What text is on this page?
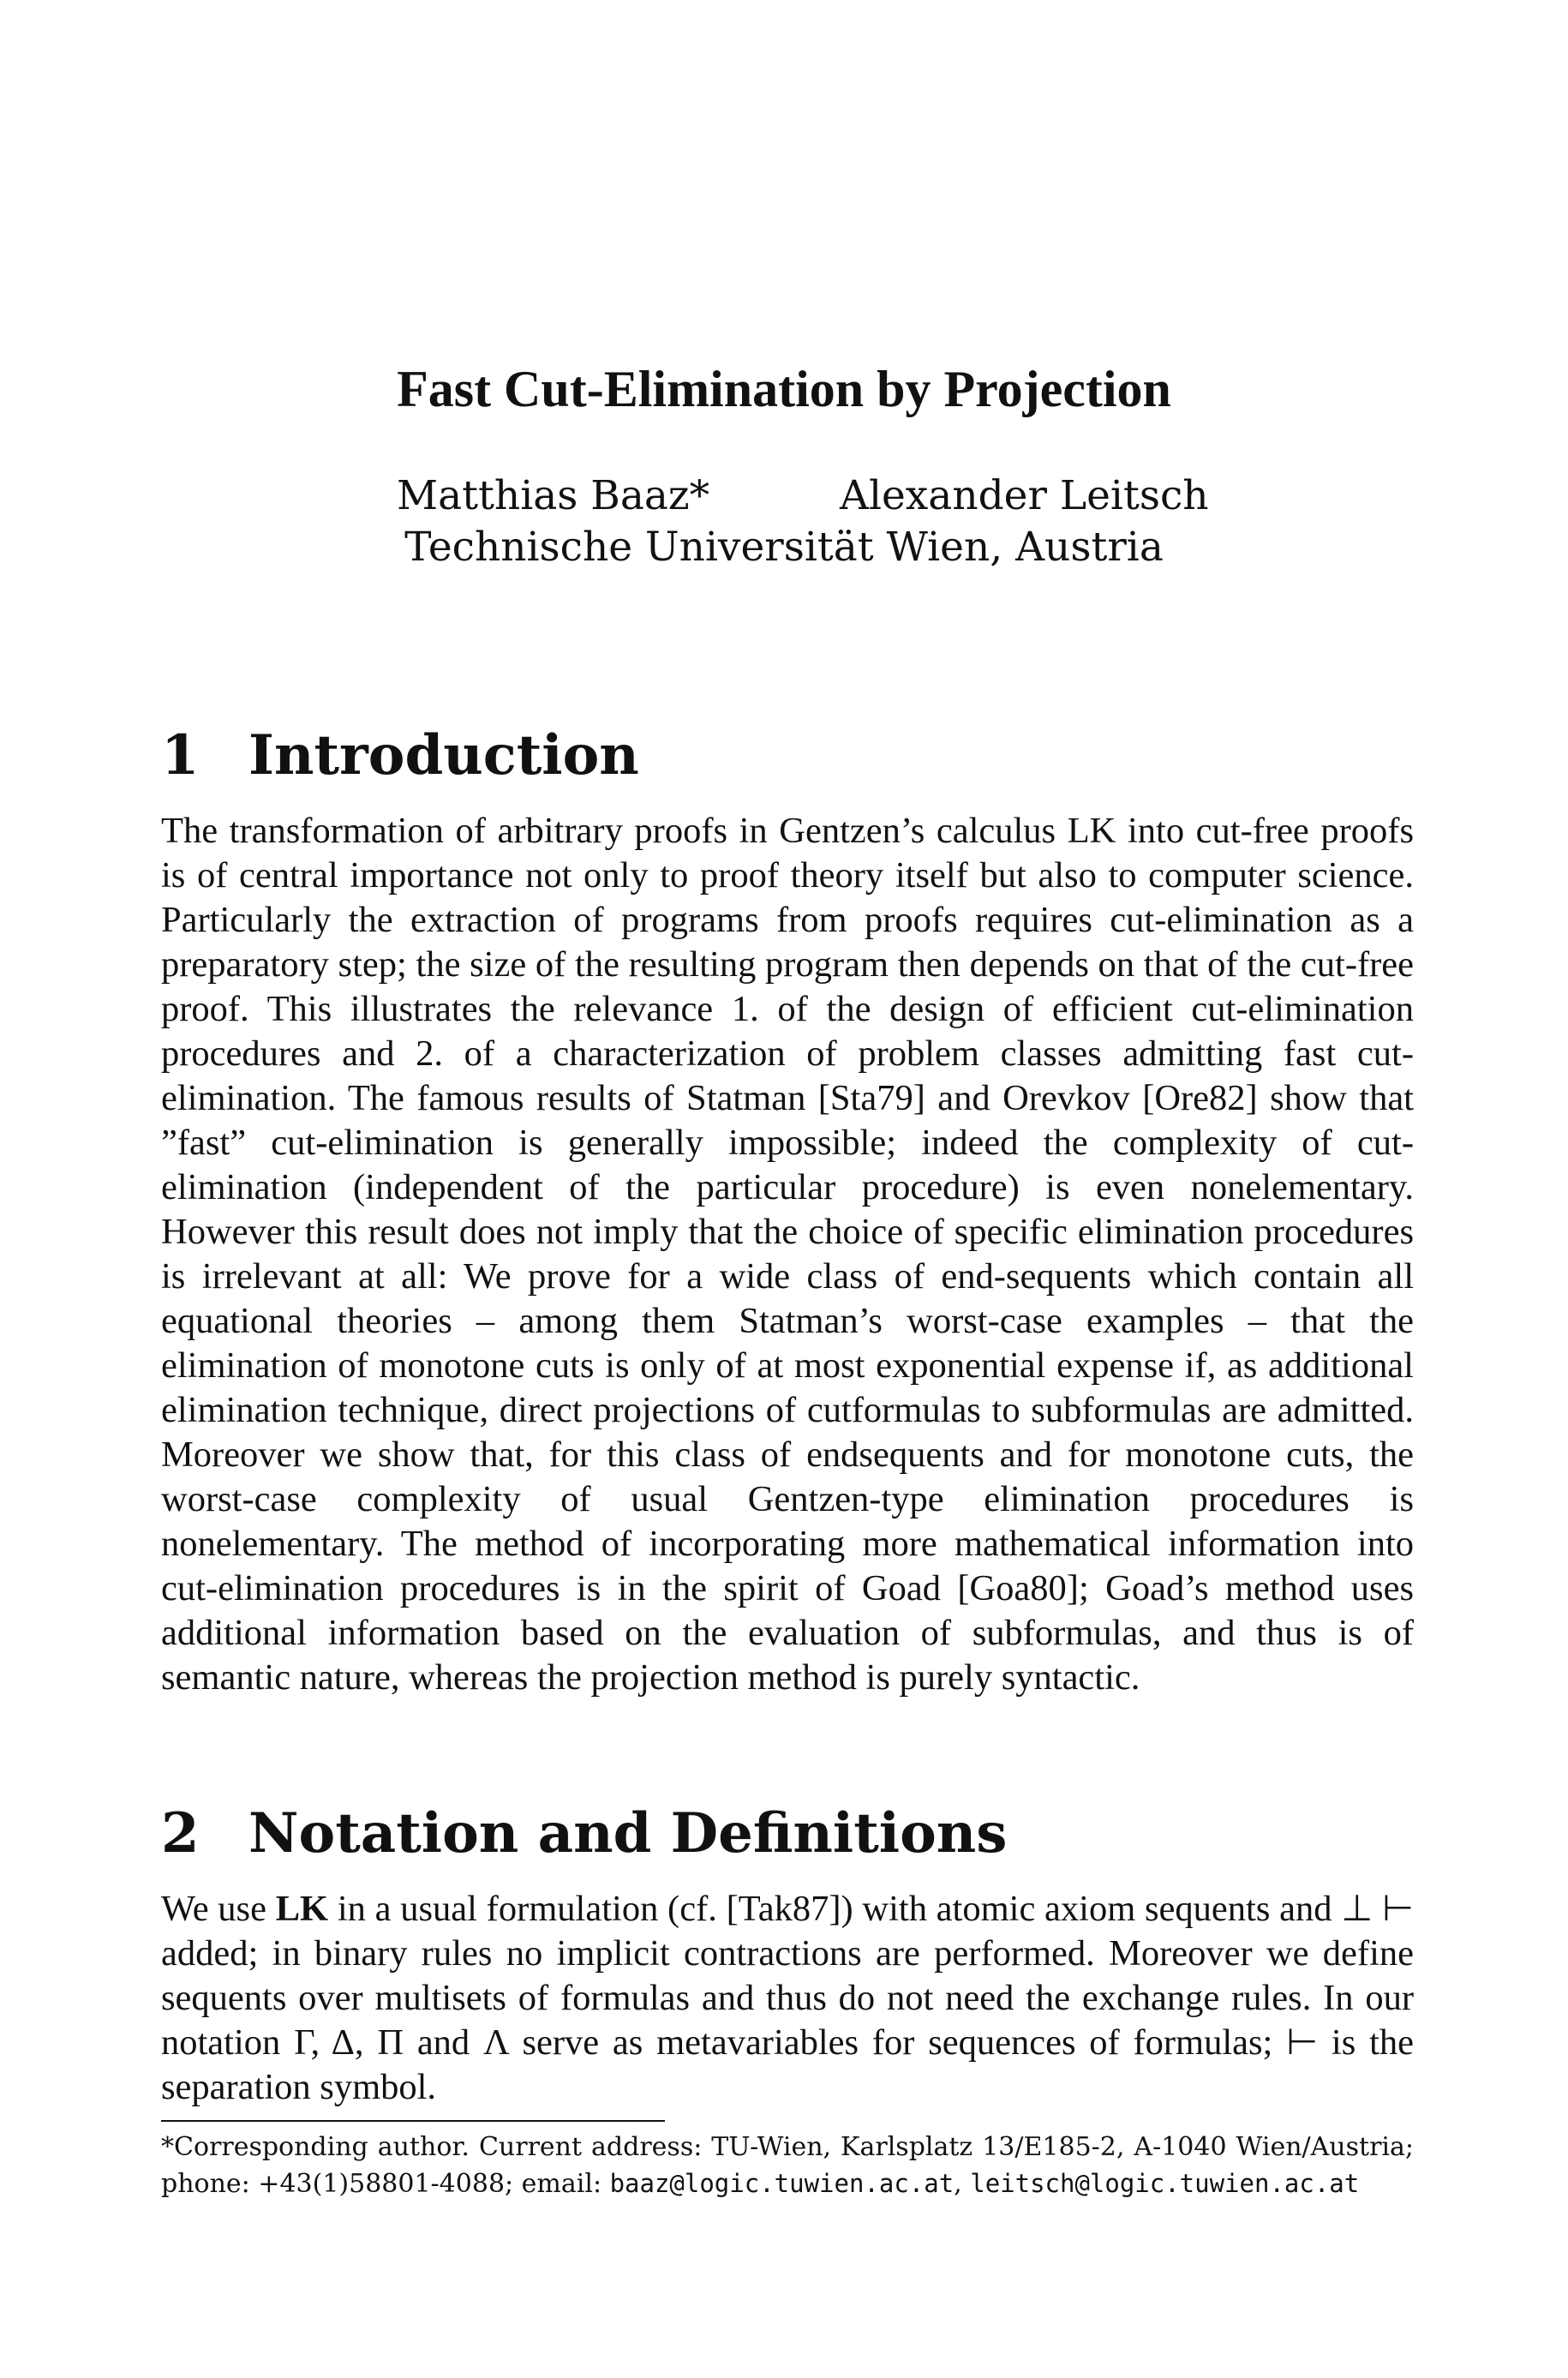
Fast Cut-Elimination by Projection
Matthias Baaz*	Alexander Leitsch
Technische Universität Wien, Austria
1 Introduction

The transformation of arbitrary proofs in Gentzen’s calculus LK into cut-free proofs is of central importance not only to proof theory itself but also to computer science. Particularly the extraction of programs from proofs requires cut-elimination as a preparatory step; the size of the resulting program then depends on that of the cut-free proof. This illustrates the relevance 1. of the design of efficient cut-elimination procedures and 2. of a characterization of problem classes admitting fast cut-elimination. The famous results of Statman [Sta79] and Orevkov [Ore82] show that ”fast” cut-elimination is generally impossible; indeed the complexity of cut-elimination (independent of the particular procedure) is even nonelementary. However this result does not imply that the choice of specific elimination procedures is irrelevant at all: We prove for a wide class of end-sequents which contain all equational theories – among them Statman’s worst-case examples – that the elimination of monotone cuts is only of at most exponential expense if, as additional elimination technique, direct projections of cutformulas to subformulas are admitted. Moreover we show that, for this class of endsequents and for monotone cuts, the worst-case complexity of usual Gentzen-type elimination procedures is nonelementary. The method of incorporating more mathematical information into cut-elimination procedures is in the spirit of Goad [Goa80]; Goad’s method uses additional information based on the evaluation of subformulas, and thus is of semantic nature, whereas the projection method is purely syntactic.

2 Notation and Definitions

We use LK in a usual formulation (cf. [Tak87]) with atomic axiom sequents and ⊥ ⊢ added; in binary rules no implicit contractions are performed. Moreover we define sequents over multisets of formulas and thus do not need the exchange rules. In our notation Γ, Δ, Π and Λ serve as metavariables for sequences of formulas; ⊢ is the separation symbol.

*Corresponding author. Current address: TU-Wien, Karlsplatz 13/E185-2, A-1040 Wien/Austria; phone: +43(1)58801-4088; email: baaz@logic.tuwien.ac.at, leitsch@logic.tuwien.ac.at
